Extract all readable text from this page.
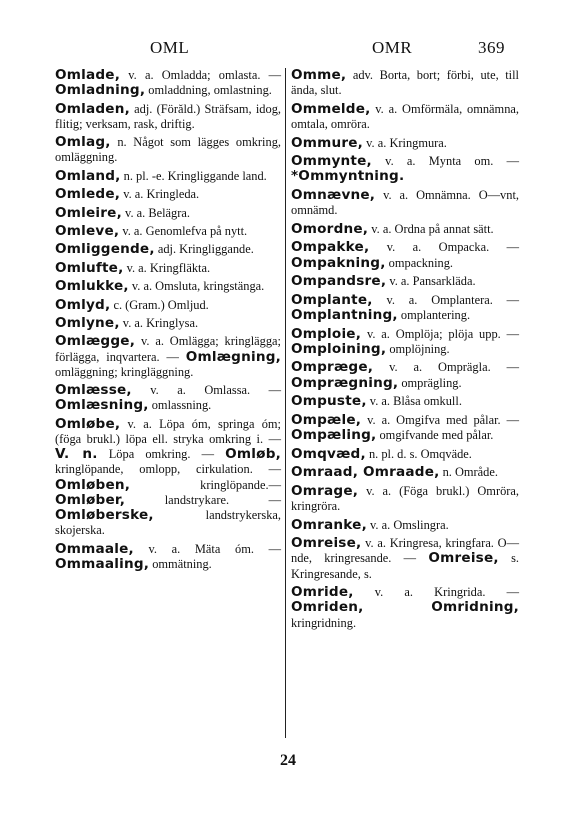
OML	OMR	369

Omlade, v. a. Omladda; omlasta. — Omladning, omladdning, omlastning.

Omladen, adj. (Förăld.) Sträfsam, idog, flitig; verksam, rask, driftig.

Omlag, n. Något som lägges omkring, omläggning.

Omland, n. pl. -e. Kringliggande land.

Omlede, v. a. Kringleda.

Omleire, v. a. Belägra.

Omleve, v. a. Genomlefva på nytt.

Omliggende, adj. Kringliggande.

Omlufte, v. a. Kringfläkta.

Omlukke, v. a. Omsluta, kringstänga.

Omlyd, c. (Gram.) Omljud.

Omlyne, v. a. Kringlysa.

Omlægge, v. a. Omlägga; kringlägga; förlägga, inqvartera. — Omlægning, omläggning; kringläggning.

Omlæsse, v. a. Omlassa. — Omlæsning, omlassning.

Omløbe, v. a. Löpa óm, springa óm; (föga brukl.) löpa ell. stryka omkring i. — V. n. Löpa omkring. — Omløb, kringlöpande, omlopp, cirkulation. — Omløben, kringlöpande.— Omløber, landstrykare. — Omløberske, landstrykerska, skojerska.

Ommaale, v. a. Mäta óm. — Ommaaling, ommätning.

Omme, adv. Borta, bort; förbi, ute, till ända, slut.

Ommelde, v. a. Omförmäla, omnämna, omtala, omröra.

Ommure, v. a. Kringmura.

Ommynte, v. a. Mynta om. — *Ommyntning.

Omnævne, v. a. Omnämna. O—vnt, omnämd.

Omordne, v. a. Ordna på annat sätt.

Ompakke, v. a. Ompacka. — Ompakning, ompackning.

Ompandsre, v. a. Pansarkläda.

Omplante, v. a. Omplantera. — Omplantning, omplantering.

Omploie, v. a. Omplöja; plöja upp. — Omploining, omplöjning.

Ompræge, v. a. Omprägla. — Omprægning, omprägling.

Ompuste, v. a. Blåsa omkull.

Ompæle, v. a. Omgifva med pålar. — Ompæling, omgifvande med pålar.

Omqvæd, n. pl. d. s. Omqväde.

Omraad, Omraade, n. Område.

Omrage, v. a. (Föga brukl.) Omröra, kringröra.

Omranke, v. a. Omslingra.

Omreise, v. a. Kringresa, kringfara. O—nde, kringresande. — Omreise, s. Kringresande, s.

Omride, v. a. Kringrida. — Omriden, Omridning, kringridning.

24
